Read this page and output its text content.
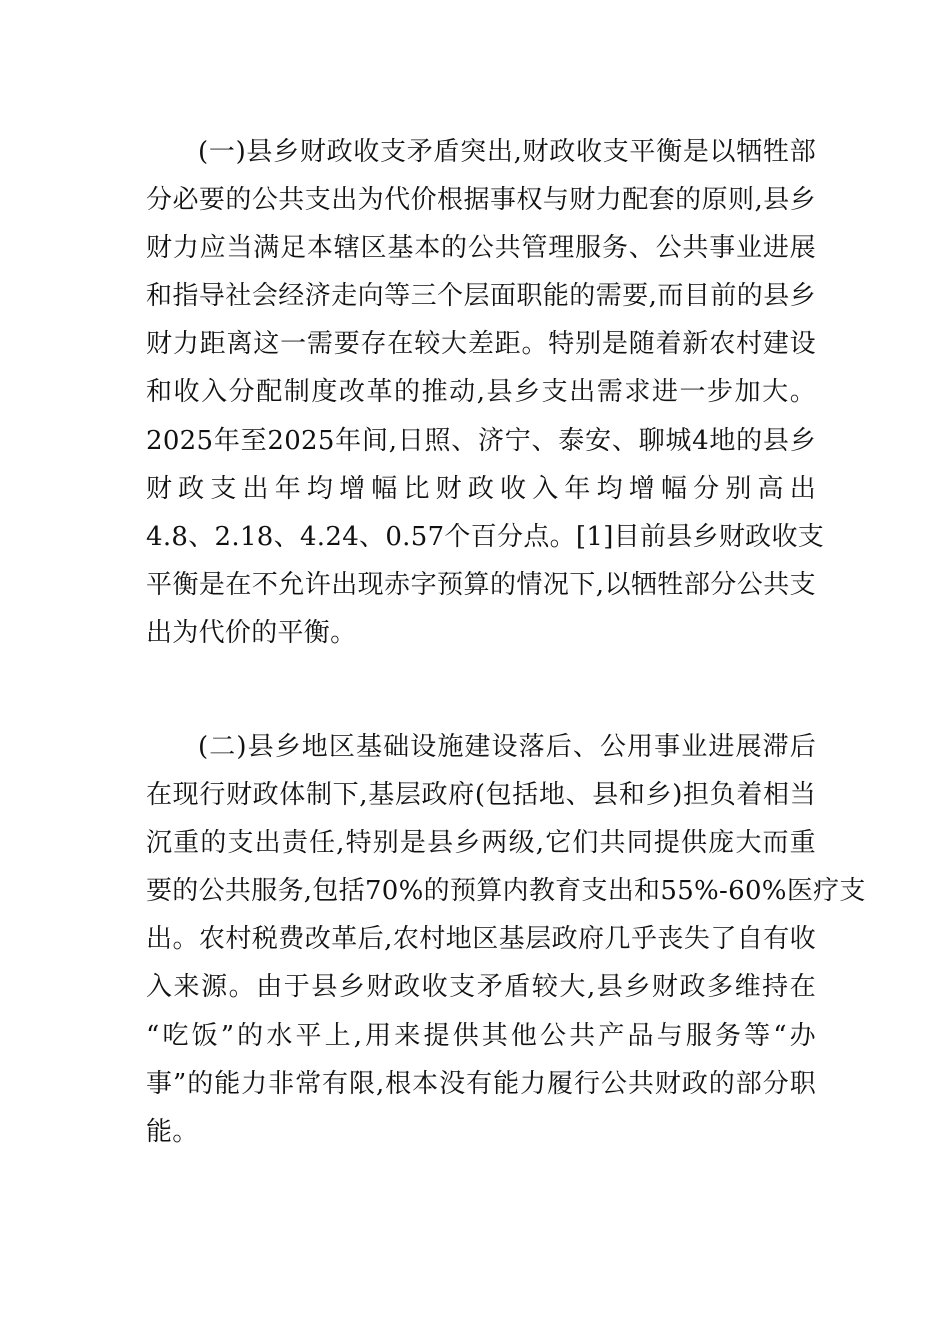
(一)县乡财政收支矛盾突出,财政收支平衡是以牺牲部
分必要的公共支出为代价根据事权与财力配套的原则,县乡
财力应当满足本辖区基本的公共管理服务、公共事业进展
和指导社会经济走向等三个层面职能的需要,而目前的县乡
财力距离这一需要存在较大差距。特别是随着新农村建设
和收入分配制度改革的推动,县乡支出需求进一步加大。
2025年至2025年间,日照、济宁、泰安、聊城4地的县乡
财政支出年均增幅比财政收入年均增幅分别高出
4.8、2.18、4.24、0.57个百分点。[1]目前县乡财政收支
平衡是在不允许出现赤字预算的情况下,以牺牲部分公共支
出为代价的平衡。
(二)县乡地区基础设施建设落后、公用事业进展滞后
在现行财政体制下,基层政府(包括地、县和乡)担负着相当
沉重的支出责任,特别是县乡两级,它们共同提供庞大而重
要的公共服务,包括70%的预算内教育支出和55%-60%医疗支
出。农村税费改革后,农村地区基层政府几乎丧失了自有收
入来源。由于县乡财政收支矛盾较大,县乡财政多维持在
“吃饭”的水平上,用来提供其他公共产品与服务等“办
事”的能力非常有限,根本没有能力履行公共财政的部分职
能。
